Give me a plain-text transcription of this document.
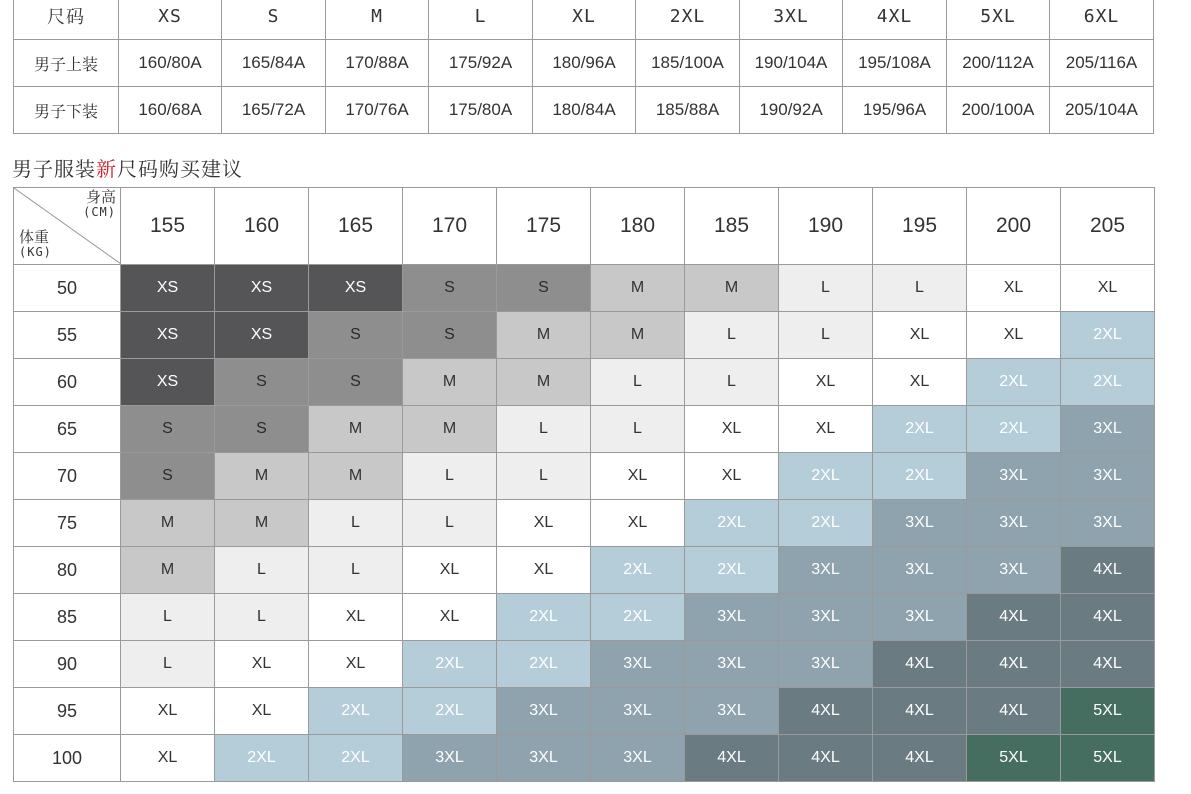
尺码	XS	S	M	L	XL	2XL	3XL	4XL	5XL	6XL
男子上装	160/80A	165/84A	170/88A	175/92A	180/96A	185/100A	190/104A	195/108A	200/112A	205/116A
男子下装	160/68A	165/72A	170/76A	175/80A	180/84A	185/88A	190/92A	195/96A	200/100A	205/104A
男子服装新尺码购买建议
身高
(CM)
体重
(KG)	155	160	165	170	175	180	185	190	195	200	205
50	XS	XS	XS	S	S	M	M	L	L	XL	XL
55	XS	XS	S	S	M	M	L	L	XL	XL	2XL
60	XS	S	S	M	M	L	L	XL	XL	2XL	2XL
65	S	S	M	M	L	L	XL	XL	2XL	2XL	3XL
70	S	M	M	L	L	XL	XL	2XL	2XL	3XL	3XL
75	M	M	L	L	XL	XL	2XL	2XL	3XL	3XL	3XL
80	M	L	L	XL	XL	2XL	2XL	3XL	3XL	3XL	4XL
85	L	L	XL	XL	2XL	2XL	3XL	3XL	3XL	4XL	4XL
90	L	XL	XL	2XL	2XL	3XL	3XL	3XL	4XL	4XL	4XL
95	XL	XL	2XL	2XL	3XL	3XL	3XL	4XL	4XL	4XL	5XL
100	XL	2XL	2XL	3XL	3XL	3XL	4XL	4XL	4XL	5XL	5XL
